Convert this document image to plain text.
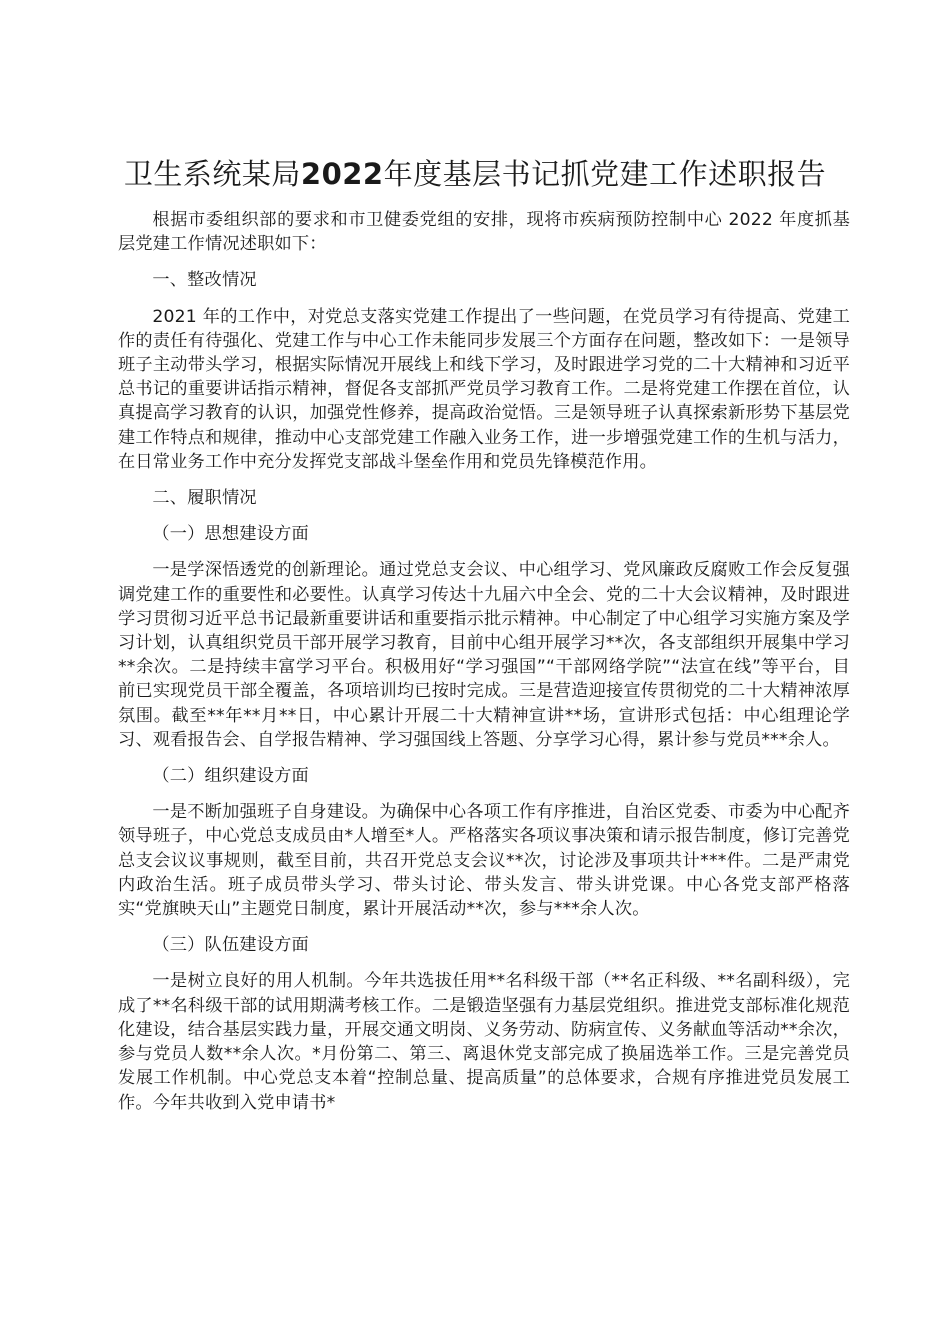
卫生系统某局2022年度基层书记抓党建工作述职报告

根据市委组织部的要求和市卫健委党组的安排，现将市疾病预防控制中心 2022 年度抓基层党建工作情况述职如下：

一、整改情况

2021 年的工作中，对党总支落实党建工作提出了一些问题，在党员学习有待提高、党建工作的责任有待强化、党建工作与中心工作未能同步发展三个方面存在问题，整改如下：一是领导班子主动带头学习，根据实际情况开展线上和线下学习，及时跟进学习党的二十大精神和习近平总书记的重要讲话指示精神，督促各支部抓严党员学习教育工作。二是将党建工作摆在首位，认真提高学习教育的认识，加强党性修养，提高政治觉悟。三是领导班子认真探索新形势下基层党建工作特点和规律，推动中心支部党建工作融入业务工作，进一步增强党建工作的生机与活力，在日常业务工作中充分发挥党支部战斗堡垒作用和党员先锋模范作用。

二、履职情况

（一）思想建设方面

一是学深悟透党的创新理论。通过党总支会议、中心组学习、党风廉政反腐败工作会反复强调党建工作的重要性和必要性。认真学习传达十九届六中全会、党的二十大会议精神，及时跟进学习贯彻习近平总书记最新重要讲话和重要指示批示精神。中心制定了中心组学习实施方案及学习计划，认真组织党员干部开展学习教育，目前中心组开展学习**次，各支部组织开展集中学习**余次。二是持续丰富学习平台。积极用好“学习强国”“干部网络学院”“法宣在线”等平台，目前已实现党员干部全覆盖，各项培训均已按时完成。三是营造迎接宣传贯彻党的二十大精神浓厚氛围。截至**年**月**日，中心累计开展二十大精神宣讲**场，宣讲形式包括：中心组理论学习、观看报告会、自学报告精神、学习强国线上答题、分享学习心得，累计参与党员***余人。

（二）组织建设方面

一是不断加强班子自身建设。为确保中心各项工作有序推进，自治区党委、市委为中心配齐领导班子，中心党总支成员由*人增至*人。严格落实各项议事决策和请示报告制度，修订完善党总支会议议事规则，截至目前，共召开党总支会议**次，讨论涉及事项共计***件。二是严肃党内政治生活。班子成员带头学习、带头讨论、带头发言、带头讲党课。中心各党支部严格落实“党旗映天山”主题党日制度，累计开展活动**次，参与***余人次。

（三）队伍建设方面

一是树立良好的用人机制。今年共选拔任用**名科级干部（**名正科级、**名副科级），完成了**名科级干部的试用期满考核工作。二是锻造坚强有力基层党组织。推进党支部标准化规范化建设，结合基层实践力量，开展交通文明岗、义务劳动、防病宣传、义务献血等活动**余次，参与党员人数**余人次。*月份第二、第三、离退休党支部完成了换届选举工作。三是完善党员发展工作机制。中心党总支本着“控制总量、提高质量”的总体要求，合规有序推进党员发展工作。今年共收到入党申请书*
